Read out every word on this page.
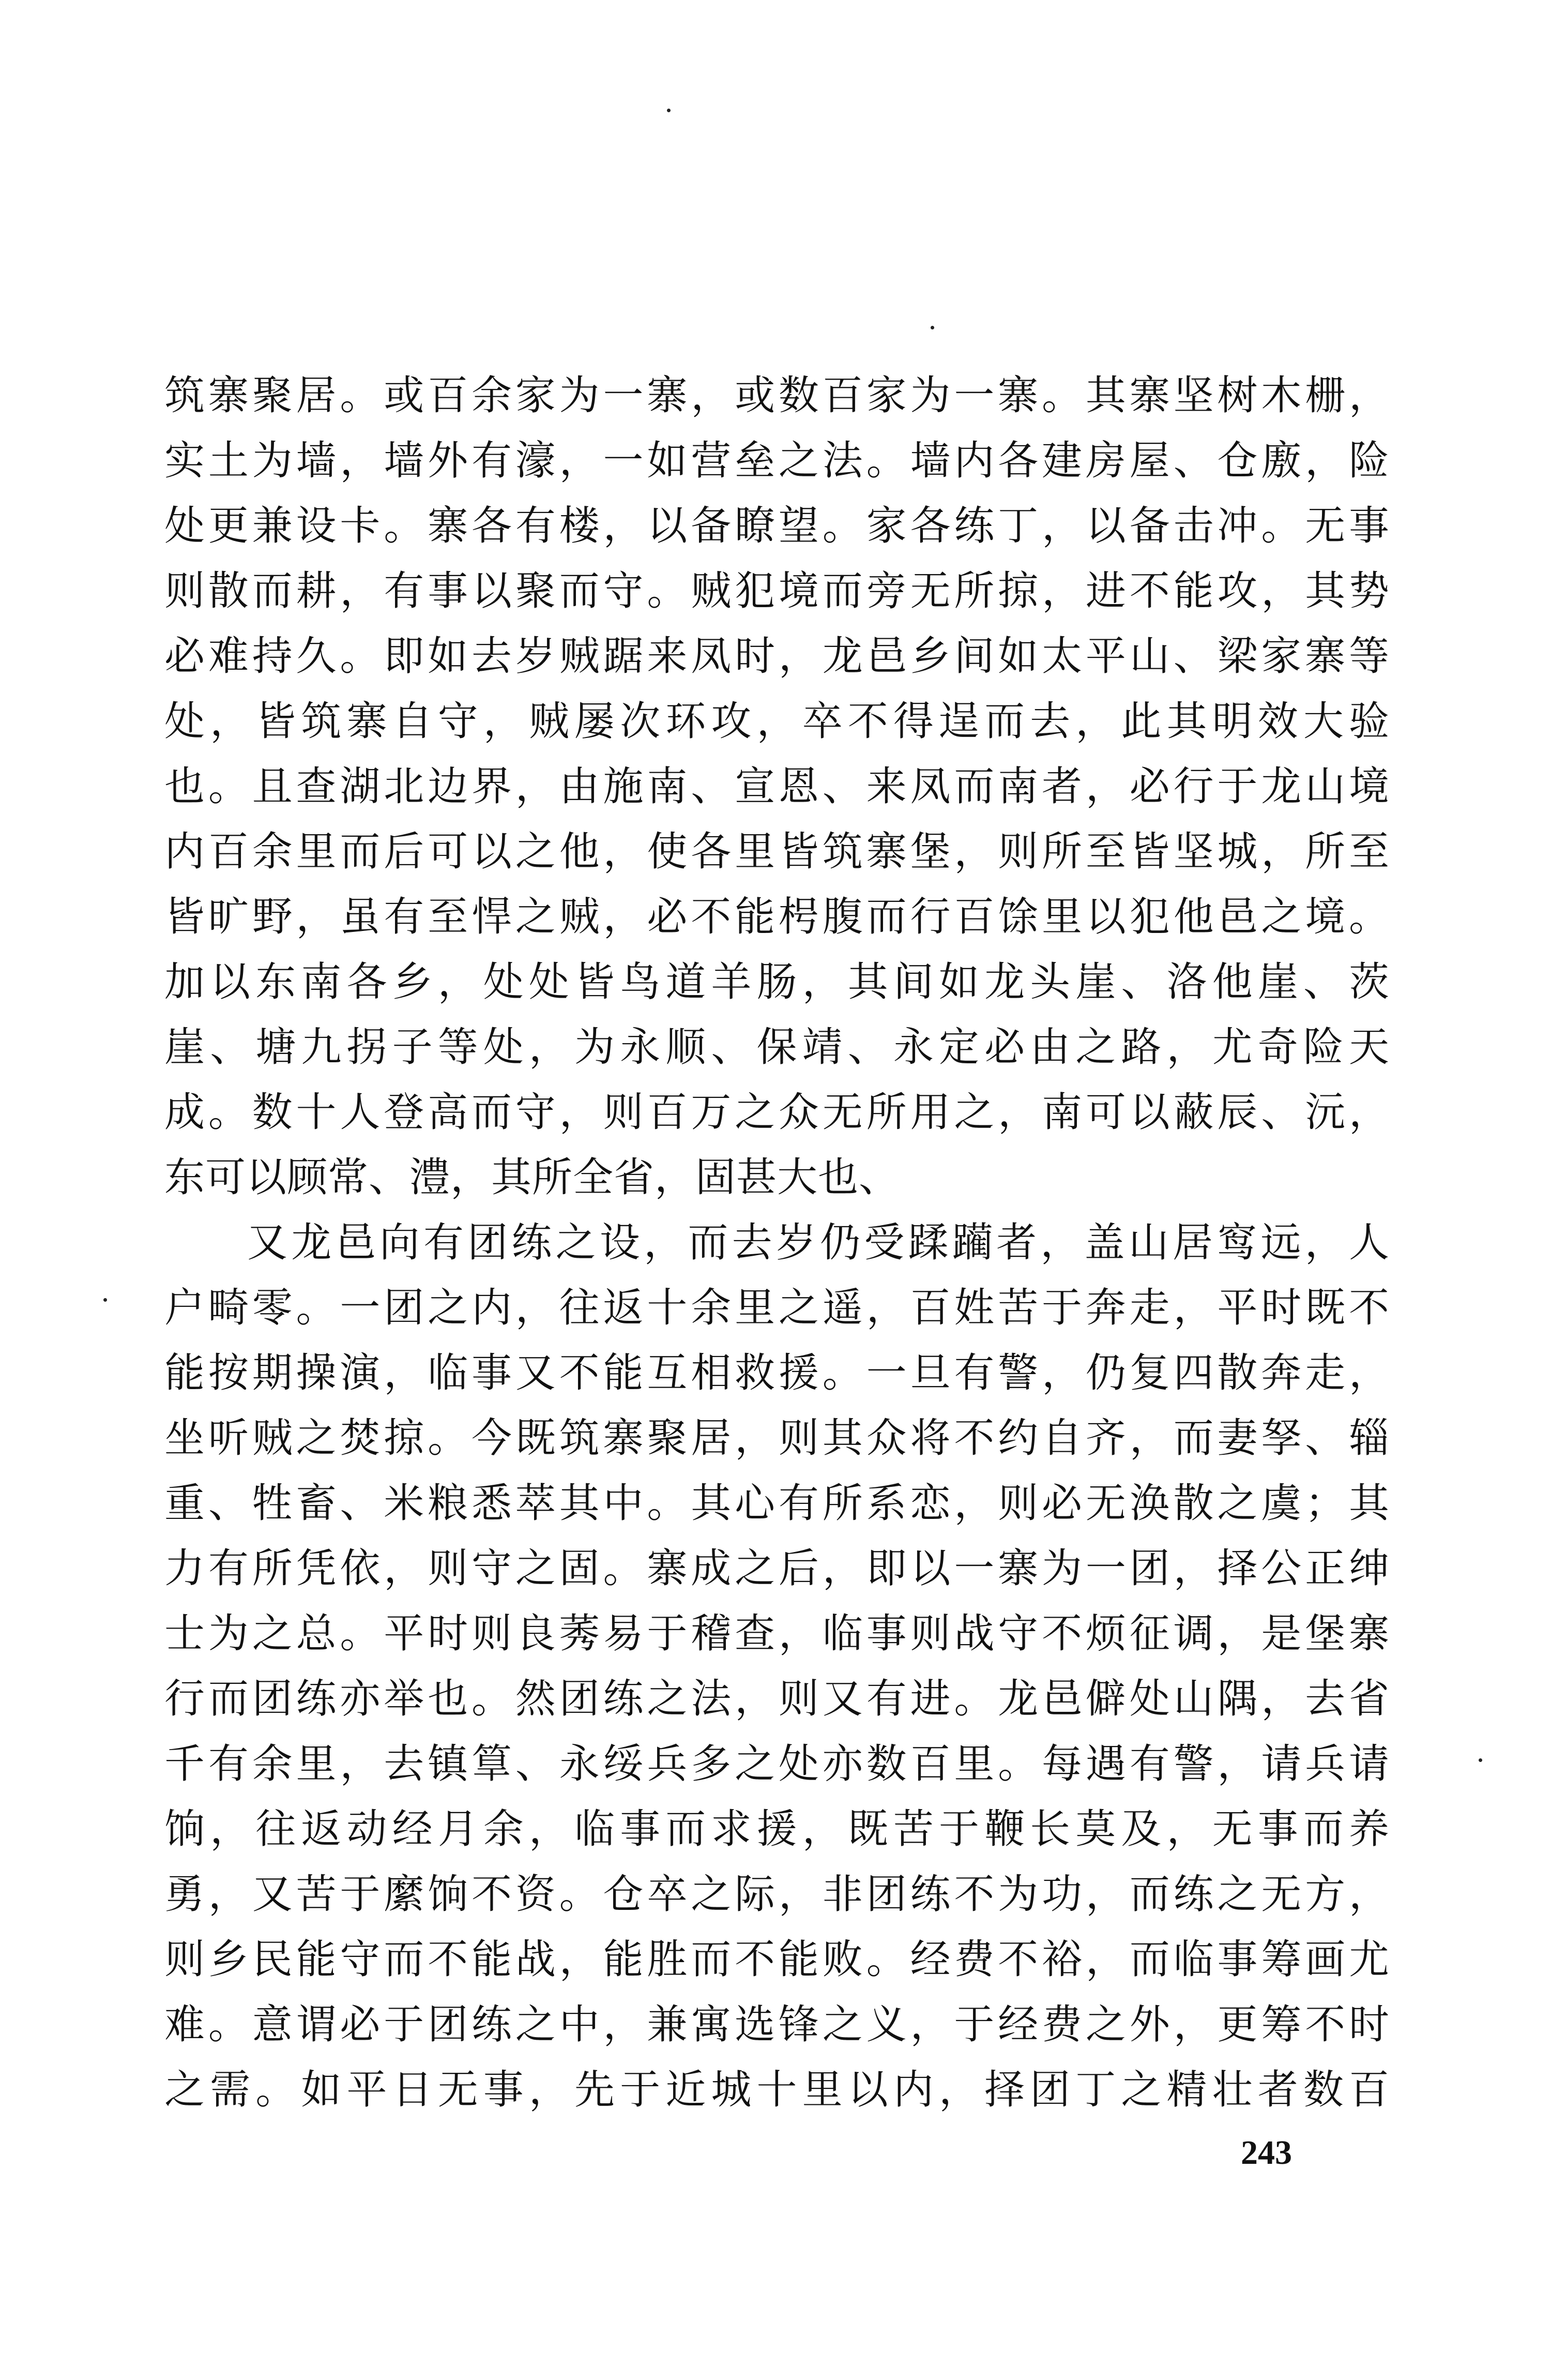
筑寨聚居。或百余家为一寨，或数百家为一寨。其寨坚树木栅，
实土为墙，墙外有濠，一如营垒之法。墙内各建房屋、仓廒，险
处更兼设卡。寨各有楼，以备瞭望。家各练丁，以备击冲。无事
则散而耕，有事以聚而守。贼犯境而旁无所掠，进不能攻，其势
必难持久。即如去岁贼踞来凤时，龙邑乡间如太平山、梁家寨等
处，皆筑寨自守，贼屡次环攻，卒不得逞而去，此其明效大验
也。且查湖北边界，由施南、宣恩、来凤而南者，必行于龙山境
内百余里而后可以之他，使各里皆筑寨堡，则所至皆坚城，所至
皆旷野，虽有至悍之贼，必不能枵腹而行百馀里以犯他邑之境。
加以东南各乡，处处皆鸟道羊肠，其间如龙头崖、洛他崖、茨
崖、塘九拐子等处，为永顺、保靖、永定必由之路，尤奇险天
成。数十人登高而守，则百万之众无所用之，南可以蔽辰、沅，
东可以顾常、澧，其所全省，固甚大也、
又龙邑向有团练之设，而去岁仍受蹂躏者，盖山居窎远，人
户畸零。一团之内，往返十余里之遥，百姓苦于奔走，平时既不
能按期操演，临事又不能互相救援。一旦有警，仍复四散奔走，
坐听贼之焚掠。今既筑寨聚居，则其众将不约自齐，而妻孥、辎
重、牲畜、米粮悉萃其中。其心有所系恋，则必无涣散之虞；其
力有所凭依，则守之固。寨成之后，即以一寨为一团，择公正绅
士为之总。平时则良莠易于稽查，临事则战守不烦征调，是堡寨
行而团练亦举也。然团练之法，则又有进。龙邑僻处山隅，去省
千有余里，去镇筸、永绥兵多之处亦数百里。每遇有警，请兵请
饷，往返动经月余，临事而求援，既苦于鞭长莫及，无事而养
勇，又苦于縻饷不资。仓卒之际，非团练不为功，而练之无方，
则乡民能守而不能战，能胜而不能败。经费不裕，而临事筹画尤
难。意谓必于团练之中，兼寓选锋之义，于经费之外，更筹不时
之需。如平日无事，先于近城十里以内，择团丁之精壮者数百
243
